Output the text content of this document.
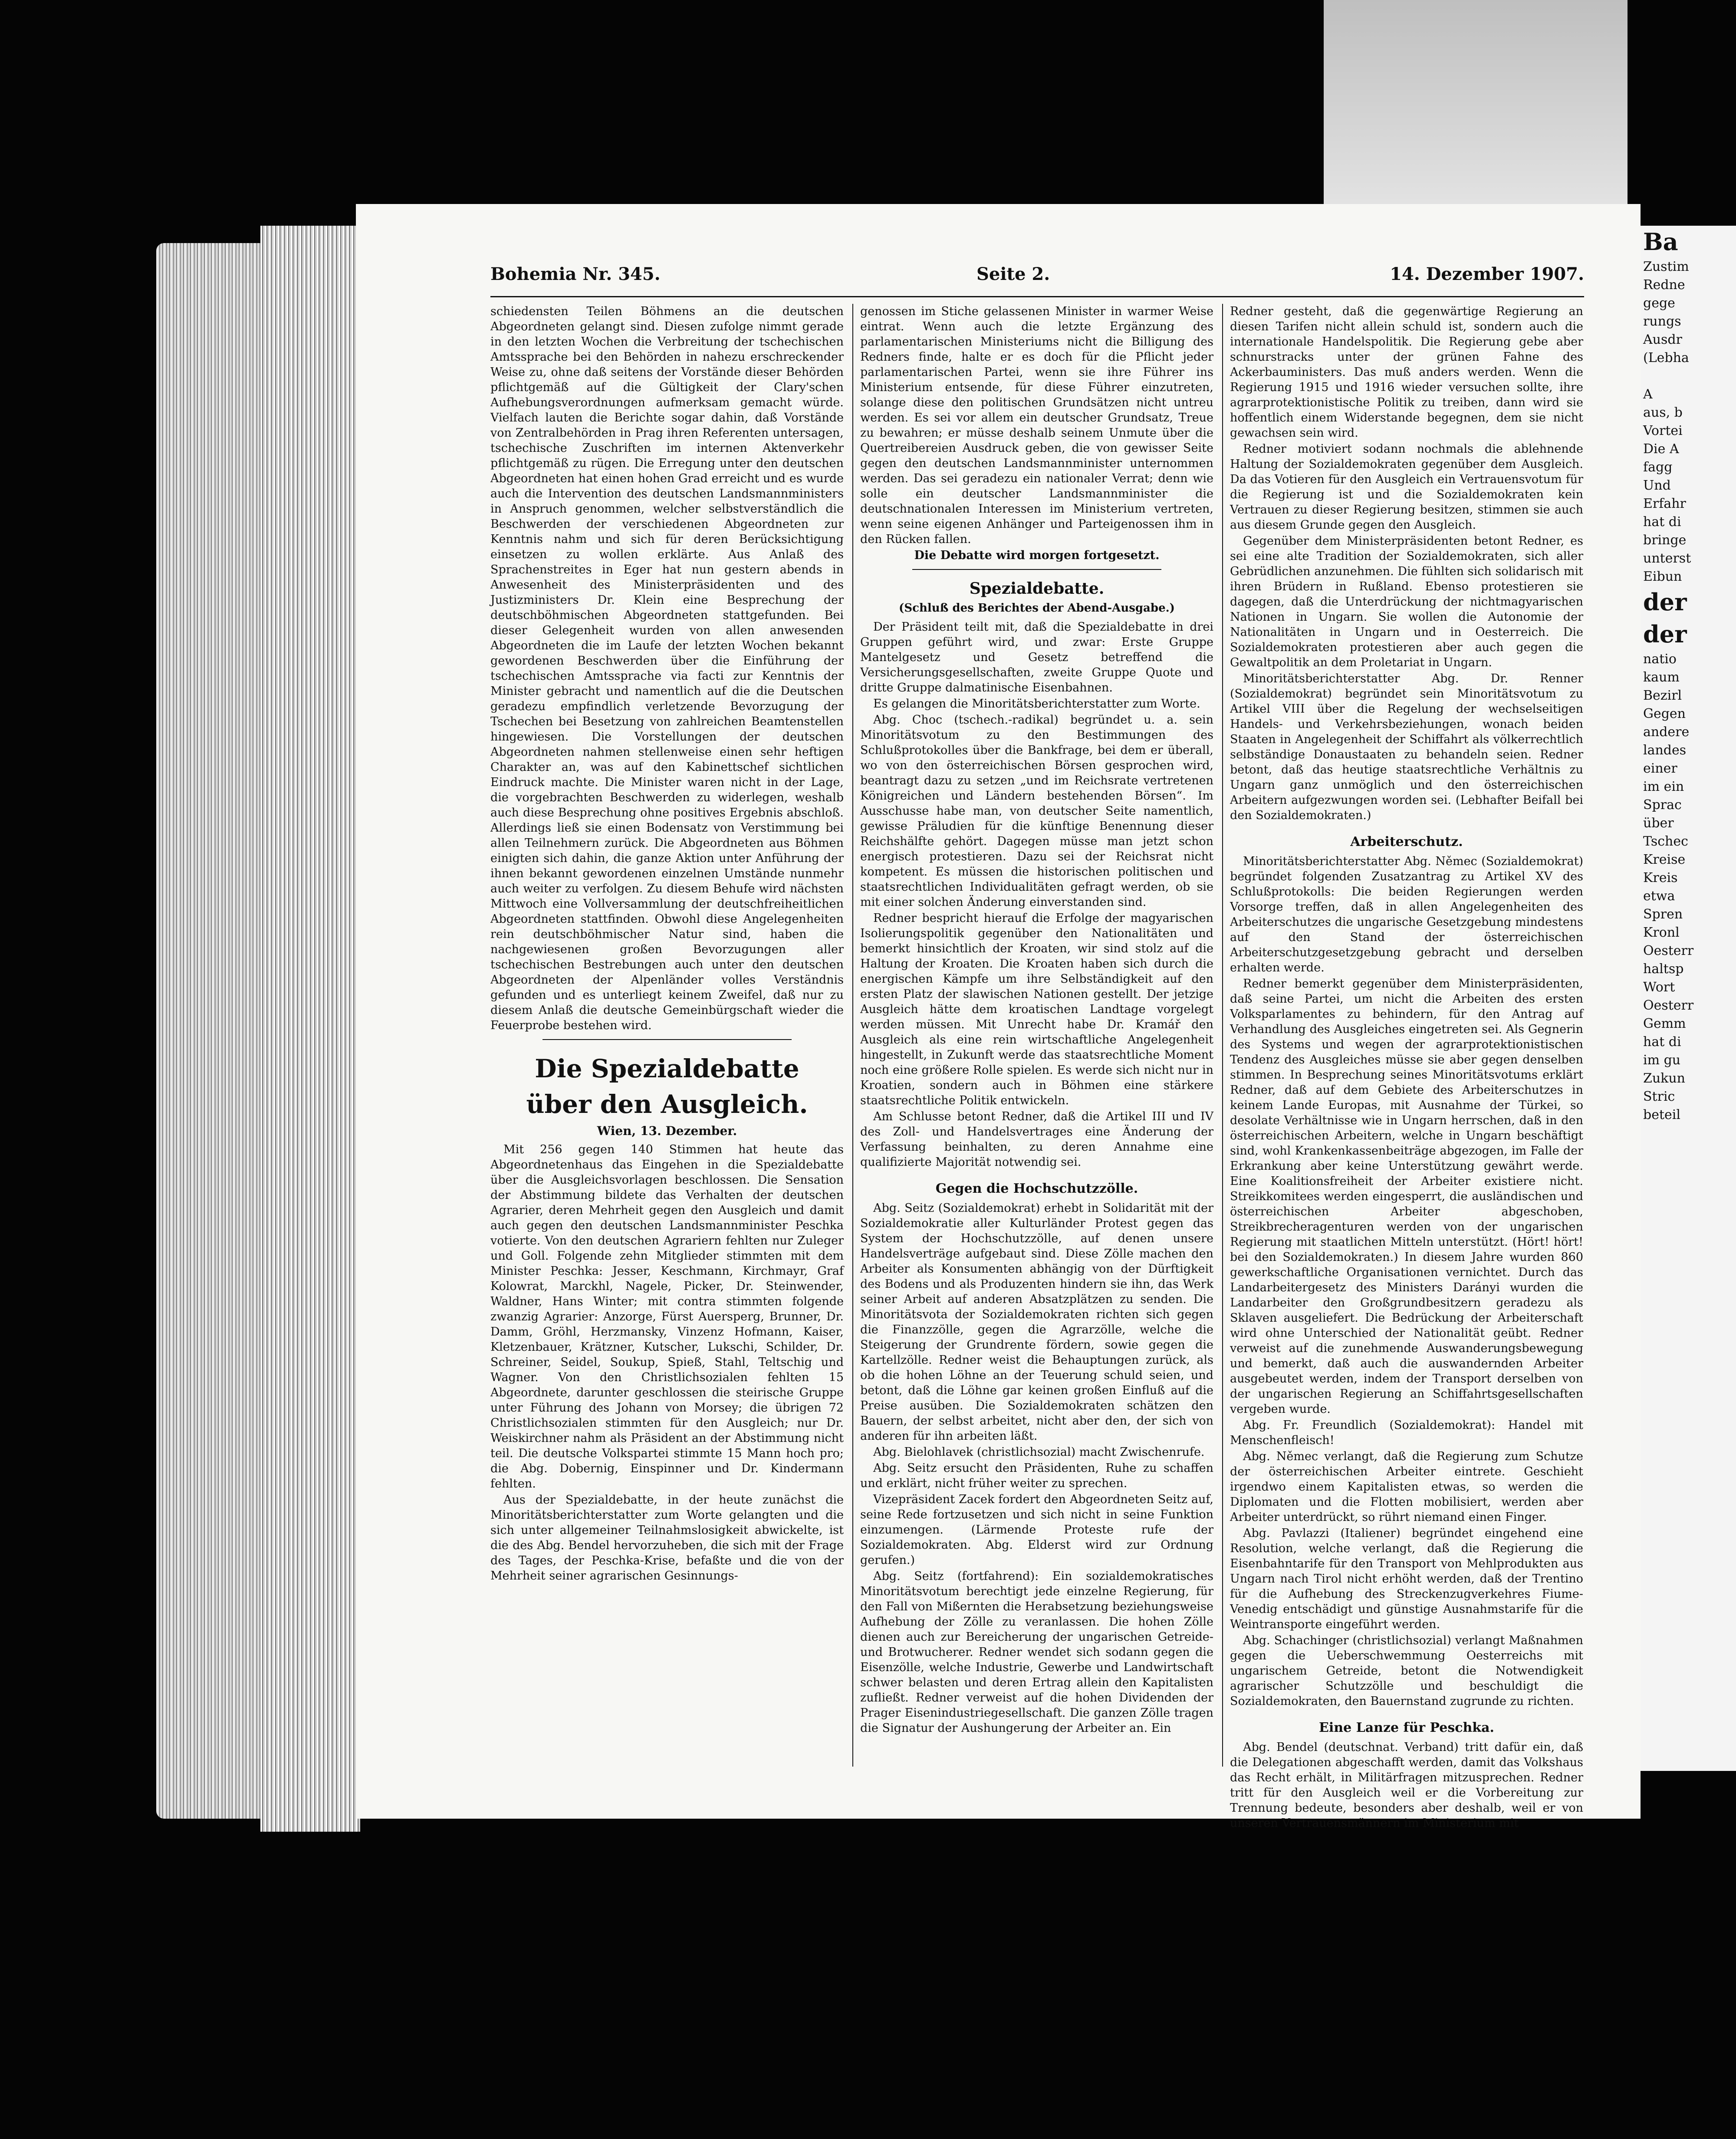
Ba
Zustim
Redne
gege
rungs
Ausdr
(Lebha

A
aus, b
Vortei
Die A
fagg
Und
Erfahr
hat di
bringe
unterst
Eibun
der
der
natio
kaum
Bezirl
Gegen
andere
landes
einer
im ein
Sprac
über
Tschec
Kreise
Kreis
etwa
Spren
Kronl
Oesterr
haltsp
Wort
Oesterr
Gemm
hat di
im gu
Zukun
Stric
beteil
Bohemia Nr. 345.	Seite 2.	14. Dezember 1907.

schiedensten Teilen Böhmens an die deutschen Abgeordneten gelangt sind. Diesen zufolge nimmt gerade in den letzten Wochen die Verbreitung der tschechischen Amtssprache bei den Behörden in nahezu erschreckender Weise zu, ohne daß seitens der Vorstände dieser Behörden pflichtgemäß auf die Gültigkeit der Clary'schen Aufhebungsverordnungen aufmerksam gemacht würde. Vielfach lauten die Berichte sogar dahin, daß Vorstände von Zentralbehörden in Prag ihren Referenten untersagen, tschechische Zuschriften im internen Aktenverkehr pflichtgemäß zu rügen. Die Erregung unter den deutschen Abgeordneten hat einen hohen Grad erreicht und es wurde auch die Intervention des deutschen Landsmannministers in Anspruch genommen, welcher selbstverständlich die Beschwerden der verschiedenen Abgeordneten zur Kenntnis nahm und sich für deren Berücksichtigung einsetzen zu wollen erklärte. Aus Anlaß des Sprachenstreites in Eger hat nun gestern abends in Anwesenheit des Ministerpräsidenten und des Justizministers Dr. Klein eine Besprechung der deutschböhmischen Abgeordneten stattgefunden. Bei dieser Gelegenheit wurden von allen anwesenden Abgeordneten die im Laufe der letzten Wochen bekannt gewordenen Beschwerden über die Einführung der tschechischen Amtssprache via facti zur Kenntnis der Minister gebracht und namentlich auf die die Deutschen geradezu empfindlich verletzende Bevorzugung der Tschechen bei Besetzung von zahlreichen Beamtenstellen hingewiesen. Die Vorstellungen der deutschen Abgeordneten nahmen stellenweise einen sehr heftigen Charakter an, was auf den Kabinettschef sichtlichen Eindruck machte. Die Minister waren nicht in der Lage, die vorgebrachten Beschwerden zu widerlegen, weshalb auch diese Besprechung ohne positives Ergebnis abschloß. Allerdings ließ sie einen Bodensatz von Verstimmung bei allen Teilnehmern zurück. Die Abgeordneten aus Böhmen einigten sich dahin, die ganze Aktion unter Anführung der ihnen bekannt gewordenen einzelnen Umstände nunmehr auch weiter zu verfolgen. Zu diesem Behufe wird nächsten Mittwoch eine Vollversammlung der deutschfreiheitlichen Abgeordneten stattfinden. Obwohl diese Angelegenheiten rein deutschböhmischer Natur sind, haben die nachgewiesenen großen Bevorzugungen aller tschechischen Bestrebungen auch unter den deutschen Abgeordneten der Alpenländer volles Verständnis gefunden und es unterliegt keinem Zweifel, daß nur zu diesem Anlaß die deutsche Gemeinbürgschaft wieder die Feuerprobe bestehen wird.

Die Spezialdebatte
über den Ausgleich.
Wien, 13. Dezember.

Mit 256 gegen 140 Stimmen hat heute das Abgeordnetenhaus das Eingehen in die Spezialdebatte über die Ausgleichsvorlagen beschlossen. Die Sensation der Abstimmung bildete das Verhalten der deutschen Agrarier, deren Mehrheit gegen den Ausgleich und damit auch gegen den deutschen Landsmannminister Peschka votierte. Von den deutschen Agrariern fehlten nur Zuleger und Goll. Folgende zehn Mitglieder stimmten mit dem Minister Peschka: Jesser, Keschmann, Kirchmayr, Graf Kolowrat, Marckhl, Nagele, Picker, Dr. Steinwender, Waldner, Hans Winter; mit contra stimmten folgende zwanzig Agrarier: Anzorge, Fürst Auersperg, Brunner, Dr. Damm, Gröhl, Herzmansky, Vinzenz Hofmann, Kaiser, Kletzenbauer, Krätzner, Kutscher, Lukschi, Schilder, Dr. Schreiner, Seidel, Soukup, Spieß, Stahl, Teltschig und Wagner. Von den Christlichsozialen fehlten 15 Abgeordnete, darunter geschlossen die steirische Gruppe unter Führung des Johann von Morsey; die übrigen 72 Christlichsozialen stimmten für den Ausgleich; nur Dr. Weiskirchner nahm als Präsident an der Abstimmung nicht teil. Die deutsche Volkspartei stimmte 15 Mann hoch pro; die Abg. Dobernig, Einspinner und Dr. Kindermann fehlten.

Aus der Spezialdebatte, in der heute zunächst die Minoritätsberichterstatter zum Worte gelangten und die sich unter allgemeiner Teilnahmslosigkeit abwickelte, ist die des Abg. Bendel hervorzuheben, die sich mit der Frage des Tages, der Peschka-Krise, befaßte und die von der Mehrheit seiner agrarischen Gesinnungs-

genossen im Stiche gelassenen Minister in warmer Weise eintrat. Wenn auch die letzte Ergänzung des parlamentarischen Ministeriums nicht die Billigung des Redners finde, halte er es doch für die Pflicht jeder parlamentarischen Partei, wenn sie ihre Führer ins Ministerium entsende, für diese Führer einzutreten, solange diese den politischen Grundsätzen nicht untreu werden. Es sei vor allem ein deutscher Grundsatz, Treue zu bewahren; er müsse deshalb seinem Unmute über die Quertreibereien Ausdruck geben, die von gewisser Seite gegen den deutschen Landsmannminister unternommen werden. Das sei geradezu ein nationaler Verrat; denn wie solle ein deutscher Landsmannminister die deutschnationalen Interessen im Ministerium vertreten, wenn seine eigenen Anhänger und Parteigenossen ihm in den Rücken fallen.

Die Debatte wird morgen fortgesetzt.
Spezialdebatte.
(Schluß des Berichtes der Abend-Ausgabe.)

Der Präsident teilt mit, daß die Spezialdebatte in drei Gruppen geführt wird, und zwar: Erste Gruppe Mantelgesetz und Gesetz betreffend die Versicherungsgesellschaften, zweite Gruppe Quote und dritte Gruppe dalmatinische Eisenbahnen.

Es gelangen die Minoritätsberichterstatter zum Worte.

Abg. Choc (tschech.-radikal) begründet u. a. sein Minoritätsvotum zu den Bestimmungen des Schlußprotokolles über die Bankfrage, bei dem er überall, wo von den österreichischen Börsen gesprochen wird, beantragt dazu zu setzen „und im Reichsrate vertretenen Königreichen und Ländern bestehenden Börsen“. Im Ausschusse habe man, von deutscher Seite namentlich, gewisse Präludien für die künftige Benennung dieser Reichshälfte gehört. Dagegen müsse man jetzt schon energisch protestieren. Dazu sei der Reichsrat nicht kompetent. Es müssen die historischen politischen und staatsrechtlichen Individualitäten gefragt werden, ob sie mit einer solchen Änderung einverstanden sind.

Redner bespricht hierauf die Erfolge der magyarischen Isolierungspolitik gegenüber den Nationalitäten und bemerkt hinsichtlich der Kroaten, wir sind stolz auf die Haltung der Kroaten. Die Kroaten haben sich durch die energischen Kämpfe um ihre Selbständigkeit auf den ersten Platz der slawischen Nationen gestellt. Der jetzige Ausgleich hätte dem kroatischen Landtage vorgelegt werden müssen. Mit Unrecht habe Dr. Kramář den Ausgleich als eine rein wirtschaftliche Angelegenheit hingestellt, in Zukunft werde das staatsrechtliche Moment noch eine größere Rolle spielen. Es werde sich nicht nur in Kroatien, sondern auch in Böhmen eine stärkere staatsrechtliche Politik entwickeln.

Am Schlusse betont Redner, daß die Artikel III und IV des Zoll- und Handelsvertrages eine Änderung der Verfassung beinhalten, zu deren Annahme eine qualifizierte Majorität notwendig sei.

Gegen die Hochschutzzölle.

Abg. Seitz (Sozialdemokrat) erhebt in Solidarität mit der Sozialdemokratie aller Kulturländer Protest gegen das System der Hochschutzzölle, auf denen unsere Handelsverträge aufgebaut sind. Diese Zölle machen den Arbeiter als Konsumenten abhängig von der Dürftigkeit des Bodens und als Produzenten hindern sie ihn, das Werk seiner Arbeit auf anderen Absatzplätzen zu senden. Die Minoritätsvota der Sozialdemokraten richten sich gegen die Finanzzölle, gegen die Agrarzölle, welche die Steigerung der Grundrente fördern, sowie gegen die Kartellzölle. Redner weist die Behauptungen zurück, als ob die hohen Löhne an der Teuerung schuld seien, und betont, daß die Löhne gar keinen großen Einfluß auf die Preise ausüben. Die Sozialdemokraten schätzen den Bauern, der selbst arbeitet, nicht aber den, der sich von anderen für ihn arbeiten läßt.

Abg. Bielohlavek (christlichsozial) macht Zwischenrufe.

Abg. Seitz ersucht den Präsidenten, Ruhe zu schaffen und erklärt, nicht früher weiter zu sprechen.

Vizepräsident Zacek fordert den Abgeordneten Seitz auf, seine Rede fortzusetzen und sich nicht in seine Funktion einzumengen. (Lärmende Proteste rufe der Sozialdemokraten. Abg. Elderst wird zur Ordnung gerufen.)

Abg. Seitz (fortfahrend): Ein sozialdemokratisches Minoritätsvotum berechtigt jede einzelne Regierung, für den Fall von Mißernten die Herabsetzung beziehungsweise Aufhebung der Zölle zu veranlassen. Die hohen Zölle dienen auch zur Bereicherung der ungarischen Getreide- und Brotwucherer. Redner wendet sich sodann gegen die Eisenzölle, welche Industrie, Gewerbe und Landwirtschaft schwer belasten und deren Ertrag allein den Kapitalisten zufließt. Redner verweist auf die hohen Dividenden der Prager Eisenindustriegesellschaft. Die ganzen Zölle tragen die Signatur der Aushungerung der Arbeiter an. Ein

Redner gesteht, daß die gegenwärtige Regierung an diesen Tarifen nicht allein schuld ist, sondern auch die internationale Handelspolitik. Die Regierung gebe aber schnurstracks unter der grünen Fahne des Ackerbauministers. Das muß anders werden. Wenn die Regierung 1915 und 1916 wieder versuchen sollte, ihre agrarprotektionistische Politik zu treiben, dann wird sie hoffentlich einem Widerstande begegnen, dem sie nicht gewachsen sein wird.

Redner motiviert sodann nochmals die ablehnende Haltung der Sozialdemokraten gegenüber dem Ausgleich. Da das Votieren für den Ausgleich ein Vertrauensvotum für die Regierung ist und die Sozialdemokraten kein Vertrauen zu dieser Regierung besitzen, stimmen sie auch aus diesem Grunde gegen den Ausgleich.

Gegenüber dem Ministerpräsidenten betont Redner, es sei eine alte Tradition der Sozialdemokraten, sich aller Gebrüdlichen anzunehmen. Die fühlten sich solidarisch mit ihren Brüdern in Rußland. Ebenso protestieren sie dagegen, daß die Unterdrückung der nichtmagyarischen Nationen in Ungarn. Sie wollen die Autonomie der Nationalitäten in Ungarn und in Oesterreich. Die Sozialdemokraten protestieren aber auch gegen die Gewaltpolitik an dem Proletariat in Ungarn.

Minoritätsberichterstatter Abg. Dr. Renner (Sozialdemokrat) begründet sein Minoritätsvotum zu Artikel VIII über die Regelung der wechselseitigen Handels- und Verkehrsbeziehungen, wonach beiden Staaten in Angelegenheit der Schiffahrt als völkerrechtlich selbständige Donaustaaten zu behandeln seien. Redner betont, daß das heutige staatsrechtliche Verhältnis zu Ungarn ganz unmöglich und den österreichischen Arbeitern aufgezwungen worden sei. (Lebhafter Beifall bei den Sozialdemokraten.)

Arbeiterschutz.

Minoritätsberichterstatter Abg. Němec (Sozialdemokrat) begründet folgenden Zusatzantrag zu Artikel XV des Schlußprotokolls: Die beiden Regierungen werden Vorsorge treffen, daß in allen Angelegenheiten des Arbeiterschutzes die ungarische Gesetzgebung mindestens auf den Stand der österreichischen Arbeiterschutzgesetzgebung gebracht und derselben erhalten werde.

Redner bemerkt gegenüber dem Ministerpräsidenten, daß seine Partei, um nicht die Arbeiten des ersten Volksparlamentes zu behindern, für den Antrag auf Verhandlung des Ausgleiches eingetreten sei. Als Gegnerin des Systems und wegen der agrarprotektionistischen Tendenz des Ausgleiches müsse sie aber gegen denselben stimmen. In Besprechung seines Minoritätsvotums erklärt Redner, daß auf dem Gebiete des Arbeiterschutzes in keinem Lande Europas, mit Ausnahme der Türkei, so desolate Verhältnisse wie in Ungarn herrschen, daß in den österreichischen Arbeitern, welche in Ungarn beschäftigt sind, wohl Krankenkassenbeiträge abgezogen, im Falle der Erkrankung aber keine Unterstützung gewährt werde. Eine Koalitionsfreiheit der Arbeiter existiere nicht. Streikkomitees werden eingesperrt, die ausländischen und österreichischen Arbeiter abgeschoben, Streikbrecheragenturen werden von der ungarischen Regierung mit staatlichen Mitteln unterstützt. (Hört! hört! bei den Sozialdemokraten.) In diesem Jahre wurden 860 gewerkschaftliche Organisationen vernichtet. Durch das Landarbeitergesetz des Ministers Darányi wurden die Landarbeiter den Großgrundbesitzern geradezu als Sklaven ausgeliefert. Die Bedrückung der Arbeiterschaft wird ohne Unterschied der Nationalität geübt. Redner verweist auf die zunehmende Auswanderungsbewegung und bemerkt, daß auch die auswandernden Arbeiter ausgebeutet werden, indem der Transport derselben von der ungarischen Regierung an Schiffahrtsgesellschaften vergeben wurde.

Abg. Fr. Freundlich (Sozialdemokrat): Handel mit Menschenfleisch!

Abg. Němec verlangt, daß die Regierung zum Schutze der österreichischen Arbeiter eintrete. Geschieht irgendwo einem Kapitalisten etwas, so werden die Diplomaten und die Flotten mobilisiert, werden aber Arbeiter unterdrückt, so rührt niemand einen Finger.

Abg. Pavlazzi (Italiener) begründet eingehend eine Resolution, welche verlangt, daß die Regierung die Eisenbahntarife für den Transport von Mehlprodukten aus Ungarn nach Tirol nicht erhöht werden, daß der Trentino für die Aufhebung des Streckenzugverkehres Fiume-Venedig entschädigt und günstige Ausnahmstarife für die Weintransporte eingeführt werden.

Abg. Schachinger (christlichsozial) verlangt Maßnahmen gegen die Ueberschwemmung Oesterreichs mit ungarischem Getreide, betont die Notwendigkeit agrarischer Schutzzölle und beschuldigt die Sozialdemokraten, den Bauernstand zugrunde zu richten.

Eine Lanze für Peschka.

Abg. Bendel (deutschnat. Verband) tritt dafür ein, daß die Delegationen abgeschafft werden, damit das Volkshaus das Recht erhält, in Militärfragen mitzusprechen. Redner tritt für den Ausgleich weil er die Vorbereitung zur Trennung bedeute, besonders aber deshalb, weil er von unseren Vertrauensmännern im Ministerium mit
